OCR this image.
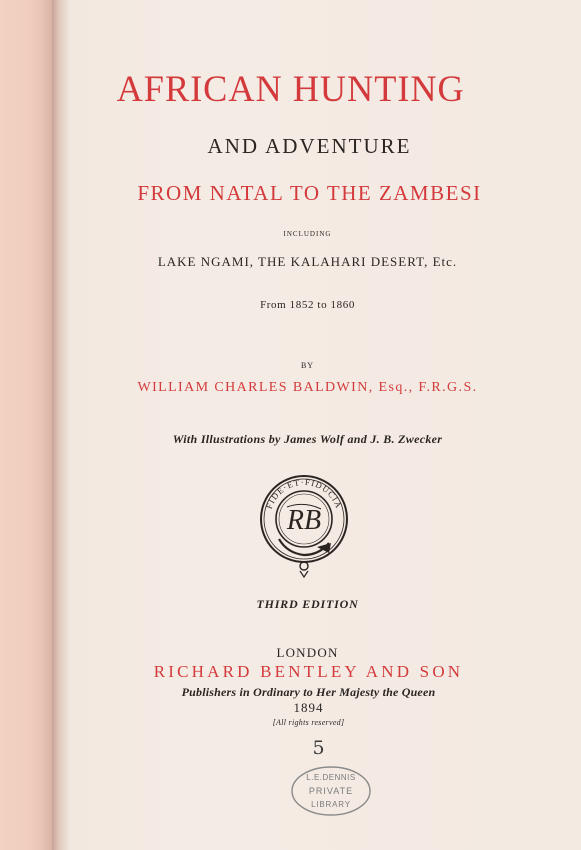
AFRICAN HUNTING
AND ADVENTURE
FROM NATAL TO THE ZAMBESI
INCLUDING
LAKE NGAMI, THE KALAHARI DESERT, Etc.
From 1852 to 1860
BY
WILLIAM CHARLES BALDWIN, Esq., F.R.G.S.
With Illustrations by James Wolf and J. B. Zwecker
FIDE·ET·FIDUCIA
RB
THIRD EDITION
LONDON
RICHARD BENTLEY AND SON
Publishers in Ordinary to Her Majesty the Queen
1894
[All rights reserved]
5
L.E.DENNIS
PRIVATE
LIBRARY
